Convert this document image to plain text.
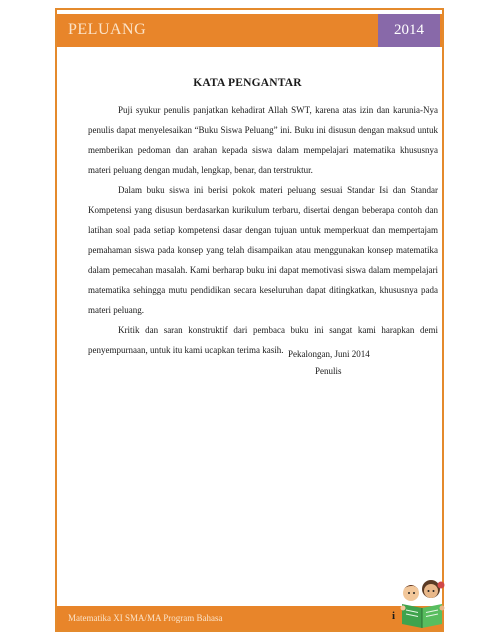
PELUANG	2014
KATA PENGANTAR

Puji syukur penulis panjatkan kehadirat Allah SWT, karena atas izin dan karunia-Nya penulis dapat menyelesaikan “Buku Siswa Peluang” ini. Buku ini disusun dengan maksud untuk memberikan pedoman dan arahan kepada siswa dalam mempelajari matematika khususnya materi peluang dengan mudah, lengkap, benar, dan terstruktur.

Dalam buku siswa ini berisi pokok materi peluang sesuai Standar Isi dan Standar Kompetensi yang disusun berdasarkan kurikulum terbaru, disertai dengan beberapa contoh dan latihan soal pada setiap kompetensi dasar dengan tujuan untuk memperkuat dan mempertajam pemahaman siswa pada konsep yang telah disampaikan atau menggunakan konsep matematika dalam pemecahan masalah. Kami berharap buku ini dapat memotivasi siswa dalam mempelajari matematika sehingga mutu pendidikan secara keseluruhan dapat ditingkatkan, khususnya pada materi peluang.

Kritik dan saran konstruktif dari pembaca buku ini sangat kami harapkan demi penyempurnaan, untuk itu kami ucapkan terima kasih. Pekalongan, Juni 2014
Penulis
Matematika XI SMA/MA Program Bahasa	i
